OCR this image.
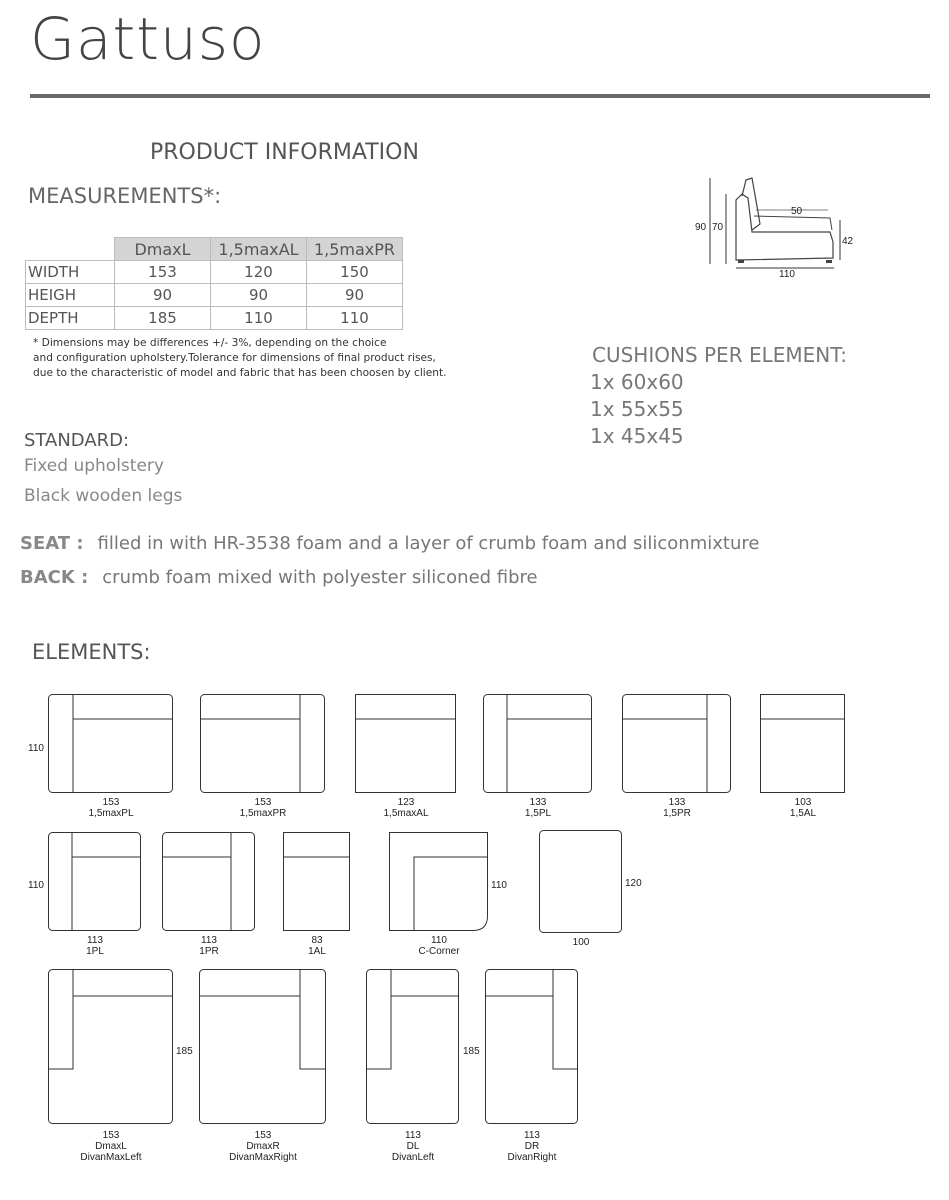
Gattuso
PRODUCT INFORMATION
MEASUREMENTS*:
	DmaxL	1,5maxAL	1,5maxPR
WIDTH	153	120	150
HEIGH	90	90	90
DEPTH	185	110	110
* Dimensions may be differences +/- 3%, depending on the choice
and configuration upholstery.Tolerance for dimensions of final product rises,
due to the characteristic of model and fabric that has been choosen by client.
90 70
50
42
110
CUSHIONS PER ELEMENT:
1x 60x60
1x 55x55
1x 45x45
STANDARD:
Fixed upholstery
Black wooden legs
SEAT : filled in with HR-3538 foam and a layer of crumb foam and siliconmixture
BACK : crumb foam mixed with polyester siliconed fibre
ELEMENTS:
110
153
1,5maxPL
153
1,5maxPR
123
1,5maxAL
133
1,5PL
133
1,5PR
103
1,5AL
110
113
1PL
113
1PR
83
1AL
110
110
C-Corner
120
100
153
DmaxL
DivanMaxLeft
185
153
DmaxR
DivanMaxRight
185
113
DL
DivanLeft
113
DR
DivanRight
